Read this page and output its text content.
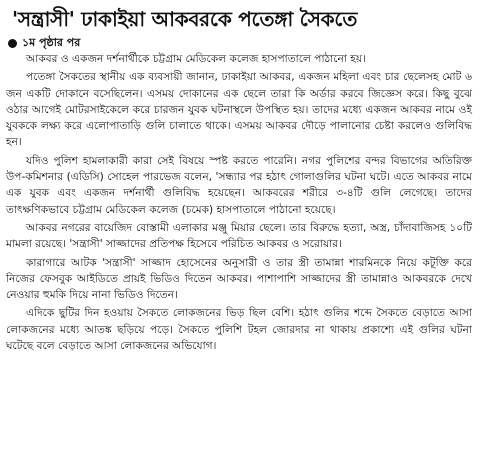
'সন্ত্রাসী' ঢাকাইয়া আকবরকে পতেঙ্গা সৈকতে
১ম পৃষ্ঠার পর

আকবর ও একজন দর্শনার্থীকে চট্টগ্রাম মেডিকেল কলেজ হাসপাতালে পাঠানো হয়।

পতেঙ্গা সৈকতের স্থানীয় এক ব্যবসায়ী জানান, ঢাকাইয়া আকবর, একজন মহিলা এবং চার ছেলেসহ মোট ৬ জন একটি দোকানে বসেছিলেন। এসময় দোকানের এক ছেলে তারা কি অর্ডার করবে জিজ্ঞেস করে। কিছু বুঝে ওঠার আগেই মোটরসাইকেলে করে চারজন যুবক ঘটনাস্থলে উপস্থিত হয়। তাদের মধ্যে একজন আকবর নামে ওই যুবককে লক্ষ্য করে এলোপাতাড়ি গুলি চালাতে থাকে। এসময় আকবর দৌড়ে পালানোর চেষ্টা করলেও গুলিবিদ্ধ হন।

যদিও পুলিশ হামলাকারী কারা সেই বিষয়ে স্পষ্ট করতে পারেনি। নগর পুলিশের বন্দর বিভাগের অতিরিক্ত উপ-কমিশনার (এডিসি) সোহেল পারভেজ বলেন, 'সন্ধ্যার পর হঠাৎ গোলাগুলির ঘটনা ঘটে। এতে আকবর নামে এক যুবক এবং একজন দর্শনার্থী গুলিবিদ্ধ হয়েছেন। আকবরের শরীরে ৩-৪টি গুলি লেগেছে। তাদের তাৎক্ষণিকভাবে চট্টগ্রাম মেডিকেল কলেজ (চমেক) হাসপাতালে পাঠানো হয়েছে।

আকবর নগরের বায়েজিদ বোস্তামী এলাকার মঞ্জু মিয়ার ছেলে। তার বিরুদ্ধে হত্যা, অস্ত্র, চাঁদাবাজিসহ ১০টি মামলা রয়েছে। 'সন্ত্রাসী' সাজ্জাদের প্রতিপক্ষ হিসেবে পরিচিত আকবর ও সরোয়ার।

কারাগারে আটক 'সন্ত্রাসী' সাজ্জাদ হোসেনের অনুসারী ও তার স্ত্রী তামান্না শারমিনকে নিয়ে কটূক্তি করে নিজের ফেসবুক আইডিতে প্রায়ই ভিডিও দিতেন আকবর। পাশাপাশি সাজ্জাদের স্ত্রী তামান্নাও আকবরকে দেখে নেওয়ার হুমকি দিয়ে নানা ভিডিও দিতেন।

এদিকে ছুটির দিন হওয়ায় সৈকতে লোকজনের ভিড় ছিল বেশি। হঠাৎ গুলির শব্দে সৈকতে বেড়াতে আসা লোকজনের মধ্যে আতঙ্ক ছড়িয়ে পড়ে। সৈকতে পুলিশি টহল জোরদার না থাকায় প্রকাশ্যে এই গুলির ঘটনা ঘটেছে বলে বেড়াতে আসা লোকজনের অভিযোগ।
